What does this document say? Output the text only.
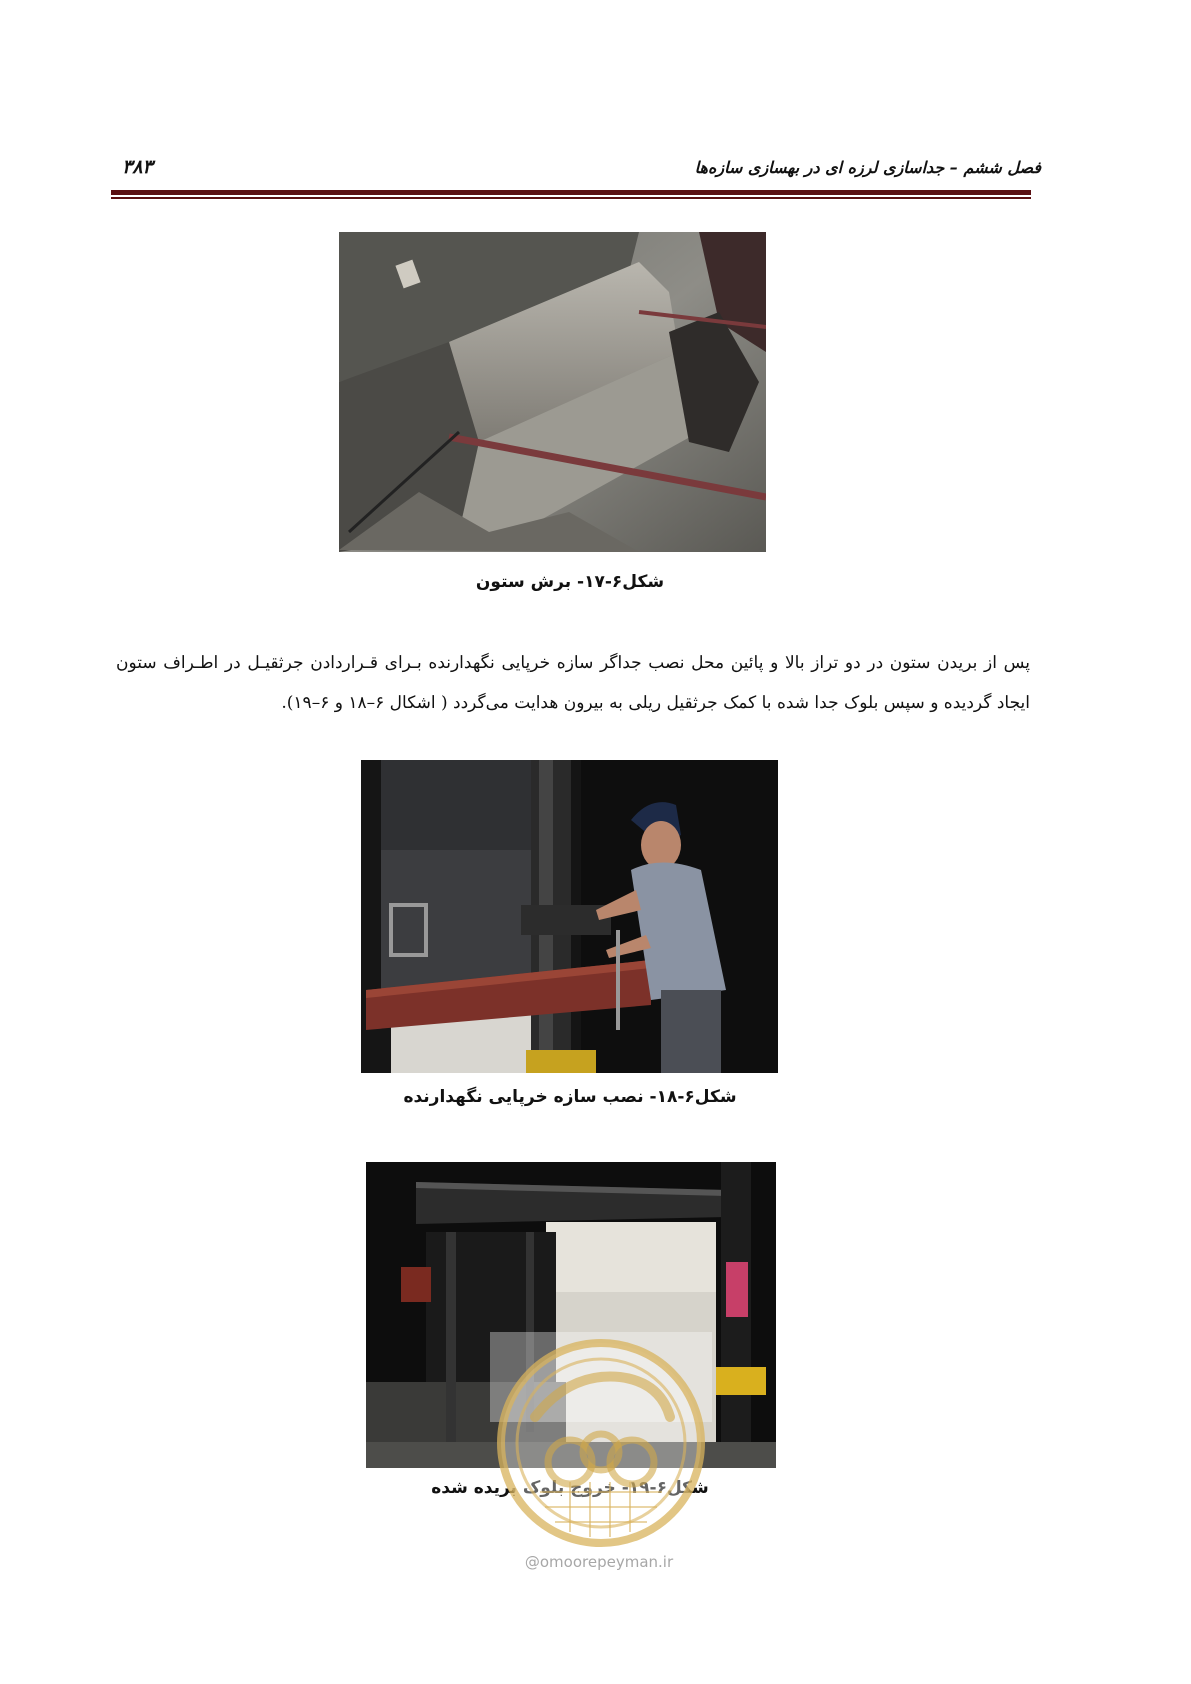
فصل ششم – جداسازی لرزه ای در بهسازی سازه‌ها
۳۸۳
شکل۶-۱۷- برش ستون
پس از بریدن ستون در دو تراز بالا و پائین محل نصب جداگر سازه خرپایی نگهدارنده بـرای قـراردادن جرثقیـل در اطـراف ستون ایجاد گردیده و سپس بلوک جدا شده با کمک جرثقیل ریلی به بیرون هدایت می‌گردد ( اشکال ۶–۱۸ و ۶–۱۹).
شکل۶-۱۸- نصب سازه خرپایی نگهدارنده
شکل۶-۱۹- خروج بلوک بریده شده
@omoorepeyman.ir
